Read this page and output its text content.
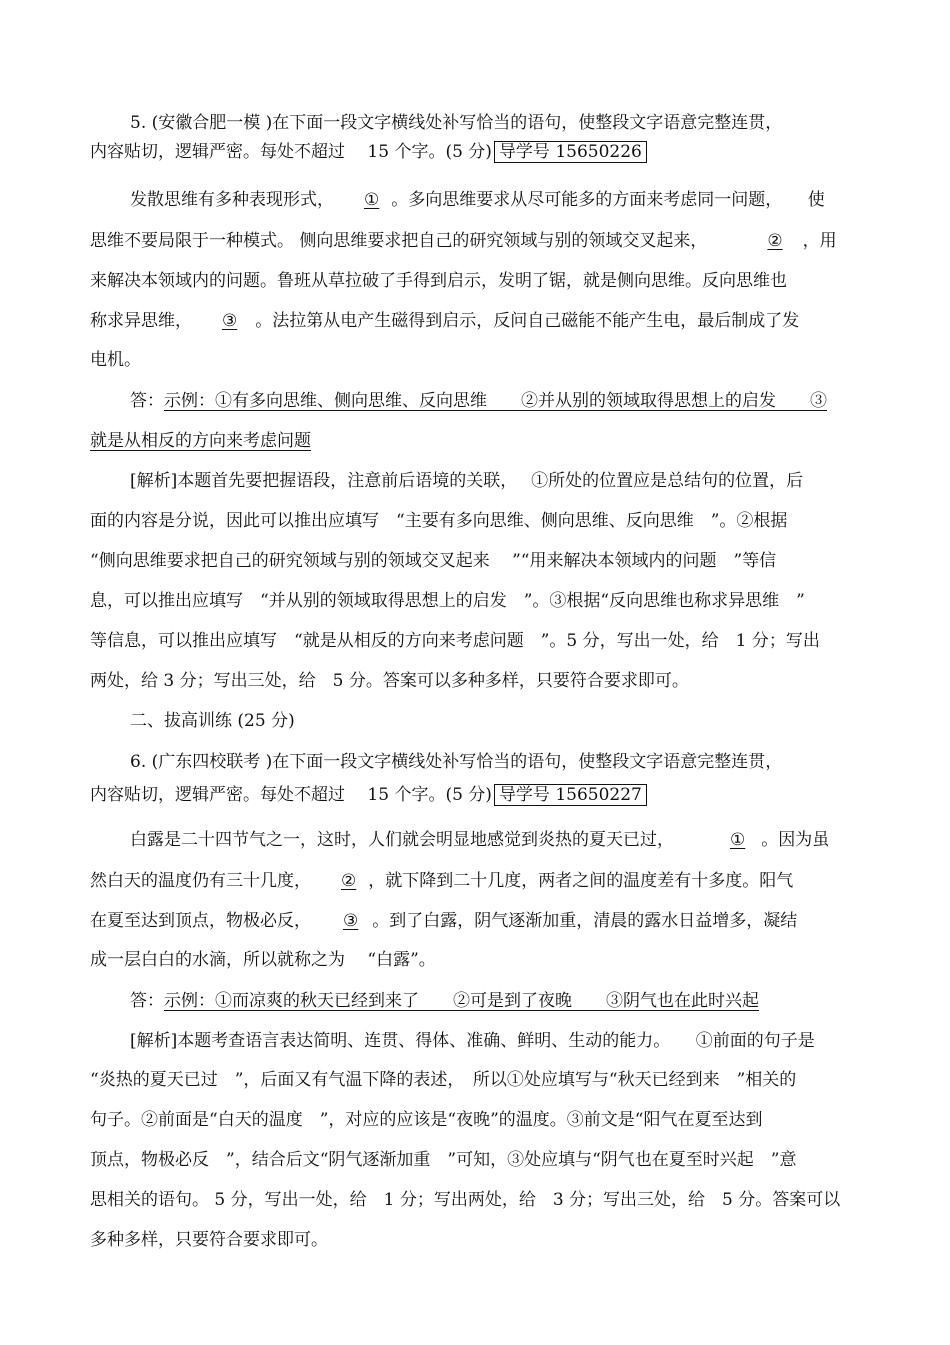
5. (安徽合肥一模 )在下面一段文字横线处补写恰当的语句，使整段文字语意完整连贯，
内容贴切，逻辑严密。每处不超过　 15 个字。(5 分) 导学号 15650226
发散思维有多种表现形式， ① 。多向思维要求从尽可能多的方面来考虑同一问题，　　使
思维不要局限于一种模式。 侧向思维要求把自己的研究领域与别的领域交叉起来，	② ，用
来解决本领域内的问题。鲁班从草拉破了手得到启示，发明了锯，就是侧向思维。反向思维也
称求异思维， ③ 。法拉第从电产生磁得到启示，反问自己磁能不能产生电，最后制成了发
电机。
答：示例：①有多向思维、侧向思维、反向思维　　②并从别的领域取得思想上的启发　　③
就是从相反的方向来考虑问题
[解析]本题首先要把握语段，注意前后语境的关联，　 ①所处的位置应是总结句的位置，后
面的内容是分说，因此可以推出应填写　“主要有多向思维、侧向思维、反向思维　”。②根据
“侧向思维要求把自己的研究领域与别的领域交叉起来　 ”“用来解决本领域内的问题　”等信
息，可以推出应填写　“并从别的领域取得思想上的启发　”。③根据“反向思维也称求异思维　”
等信息，可以推出应填写　“就是从相反的方向来考虑问题　”。5 分，写出一处，给　1 分；写出
两处，给 3 分；写出三处，给　5 分。答案可以多种多样，只要符合要求即可。
二、拔高训练 (25 分)
6. (广东四校联考 )在下面一段文字横线处补写恰当的语句，使整段文字语意完整连贯，
内容贴切，逻辑严密。每处不超过　 15 个字。(5 分) 导学号 15650227
白露是二十四节气之一，这时，人们就会明显地感觉到炎热的夏天已过，	① 。因为虽
然白天的温度仍有三十几度， ② ，就下降到二十几度，两者之间的温度差有十多度。阳气
在夏至达到顶点，物极必反， ③ 。到了白露，阴气逐渐加重，清晨的露水日益增多，凝结
成一层白白的水滴，所以就称之为　 “白露”。
答：示例：①而凉爽的秋天已经到来了　　②可是到了夜晚　　③阴气也在此时兴起
[解析]本题考查语言表达简明、连贯、得体、准确、鲜明、生动的能力。　　①前面的句子是
“炎热的夏天已过　”，后面又有气温下降的表述，　所以①处应填写与“秋天已经到来　”相关的
句子。②前面是“白天的温度　”，对应的应该是“夜晚”的温度。③前文是“阳气在夏至达到
顶点，物极必反　”，结合后文“阴气逐渐加重　”可知，③处应填与“阴气也在夏至时兴起　”意
思相关的语句。 5 分，写出一处，给　1 分；写出两处，给　3 分；写出三处，给　5 分。答案可以
多种多样，只要符合要求即可。
